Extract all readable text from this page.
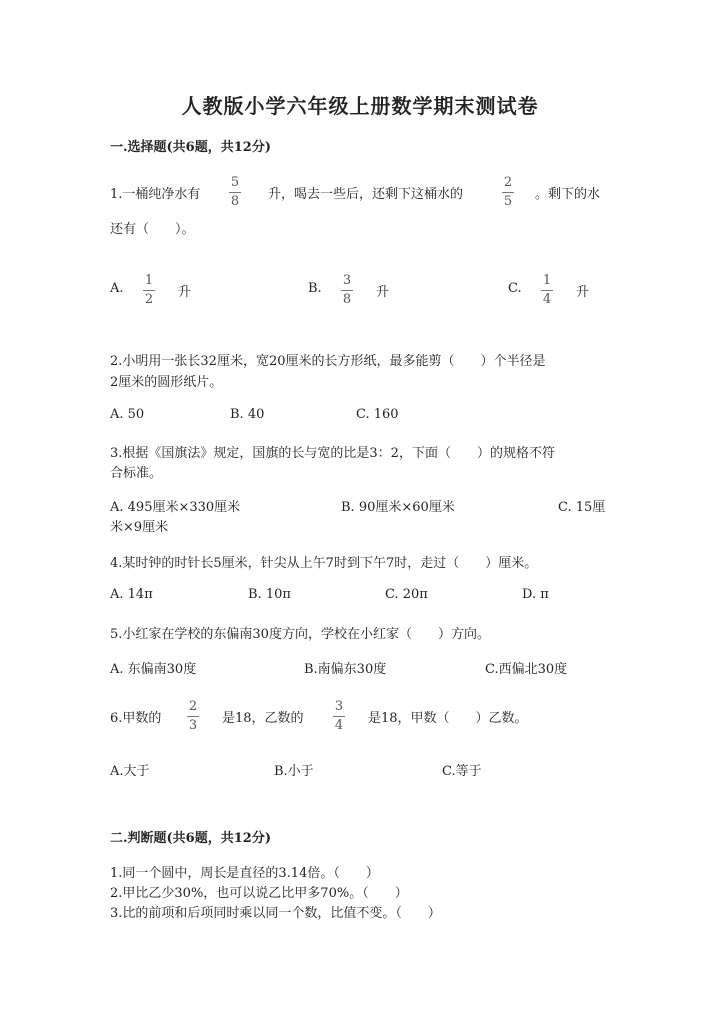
人教版小学六年级上册数学期末测试卷
一.选择题(共6题，共12分)
1.一桶纯净水有
5
8 升，喝去一些后，还剩下这桶水的
2
5 。剩下的水
还有（　　）。
A.
1
2 升	B.
3
8 升	C.
1
4 升
2.小明用一张长32厘米，宽20厘米的长方形纸，最多能剪（　　）个半径是
2厘米的圆形纸片。
A. 50	B. 40	C. 160
3.根据《国旗法》规定，国旗的长与宽的比是3：2，下面（　　）的规格不符
合标准。
A. 495厘米×330厘米	B. 90厘米×60厘米	C. 15厘
米×9厘米
4.某时钟的时针长5厘米，针尖从上午7时到下午7时，走过（　　）厘米。
A. 14π	B. 10π	C. 20π	D. π
5.小红家在学校的东偏南30度方向，学校在小红家（　　）方向。
A. 东偏南30度	B.南偏东30度	C.西偏北30度
6.甲数的
2
3 是18，乙数的
3
4 是18，甲数（　　）乙数。
A.大于	B.小于	C.等于
二.判断题(共6题，共12分)
1.同一个圆中，周长是直径的3.14倍。（　　）
2.甲比乙少30%，也可以说乙比甲多70%。（　　）
3.比的前项和后项同时乘以同一个数，比值不变。（　　）
